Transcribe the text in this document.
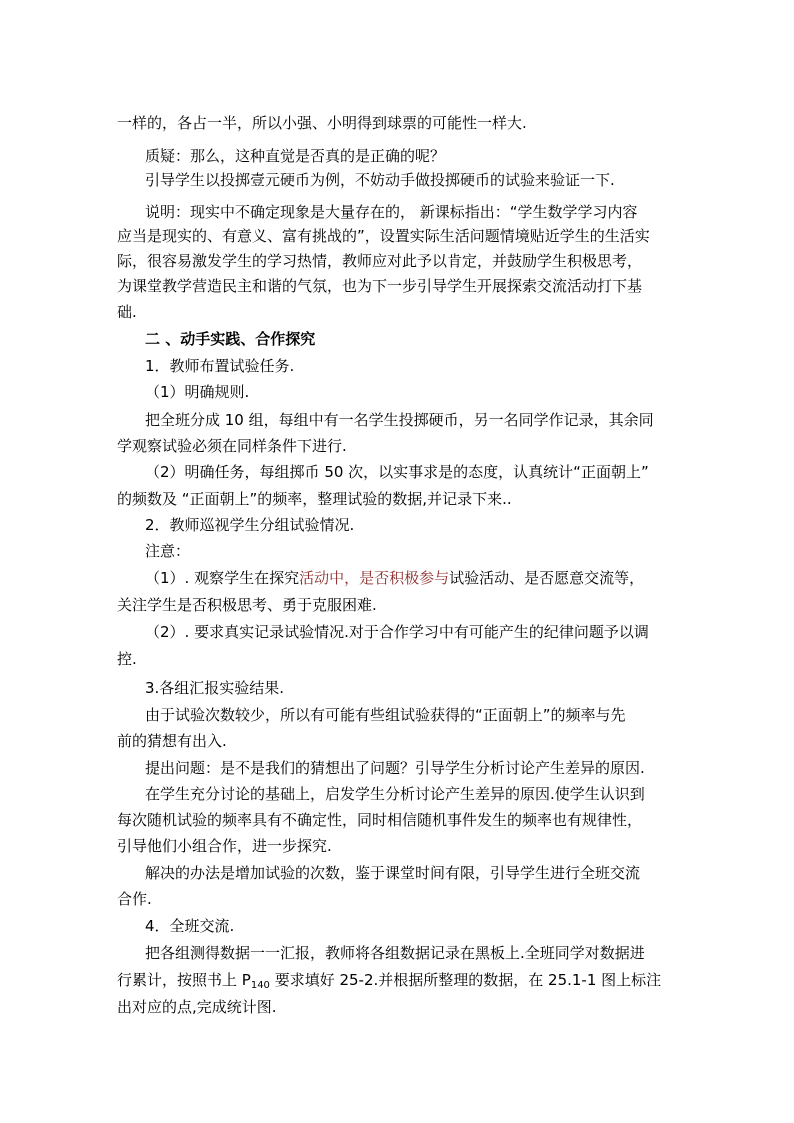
一样的，各占一半，所以小强、小明得到球票的可能性一样大.
质疑：那么，这种直觉是否真的是正确的呢？
引导学生以投掷壹元硬币为例，不妨动手做投掷硬币的试验来验证一下.
说明：现实中不确定现象是大量存在的， 新课标指出：“学生数学学习内容
应当是现实的、有意义、富有挑战的”，设置实际生活问题情境贴近学生的生活实
际，很容易激发学生的学习热情，教师应对此予以肯定，并鼓励学生积极思考，
为课堂教学营造民主和谐的气氛，也为下一步引导学生开展探索交流活动打下基
础.
二 、动手实践、合作探究
1．教师布置试验任务.
（1）明确规则.
把全班分成 10 组，每组中有一名学生投掷硬币，另一名同学作记录，其余同
学观察试验必须在同样条件下进行.
（2）明确任务，每组掷币 50 次，以实事求是的态度，认真统计“正面朝上”
的频数及 “正面朝上”的频率，整理试验的数据,并记录下来..
2．教师巡视学生分组试验情况.
注意：
（1）. 观察学生在探究活动中，是否积极参与试验活动、是否愿意交流等，
关注学生是否积极思考、勇于克服困难.
（2）. 要求真实记录试验情况.对于合作学习中有可能产生的纪律问题予以调
控.
3.各组汇报实验结果.
由于试验次数较少，所以有可能有些组试验获得的“正面朝上”的频率与先
前的猜想有出入.
提出问题：是不是我们的猜想出了问题？引导学生分析讨论产生差异的原因.
在学生充分讨论的基础上，启发学生分析讨论产生差异的原因.使学生认识到
每次随机试验的频率具有不确定性，同时相信随机事件发生的频率也有规律性，
引导他们小组合作，进一步探究.
解决的办法是增加试验的次数，鉴于课堂时间有限，引导学生进行全班交流
合作.
4．全班交流.
把各组测得数据一一汇报，教师将各组数据记录在黑板上.全班同学对数据进
行累计，按照书上 $P_{140}$ 要求填好 25-2.并根据所整理的数据，在 25.1-1 图上标注
出对应的点,完成统计图.
